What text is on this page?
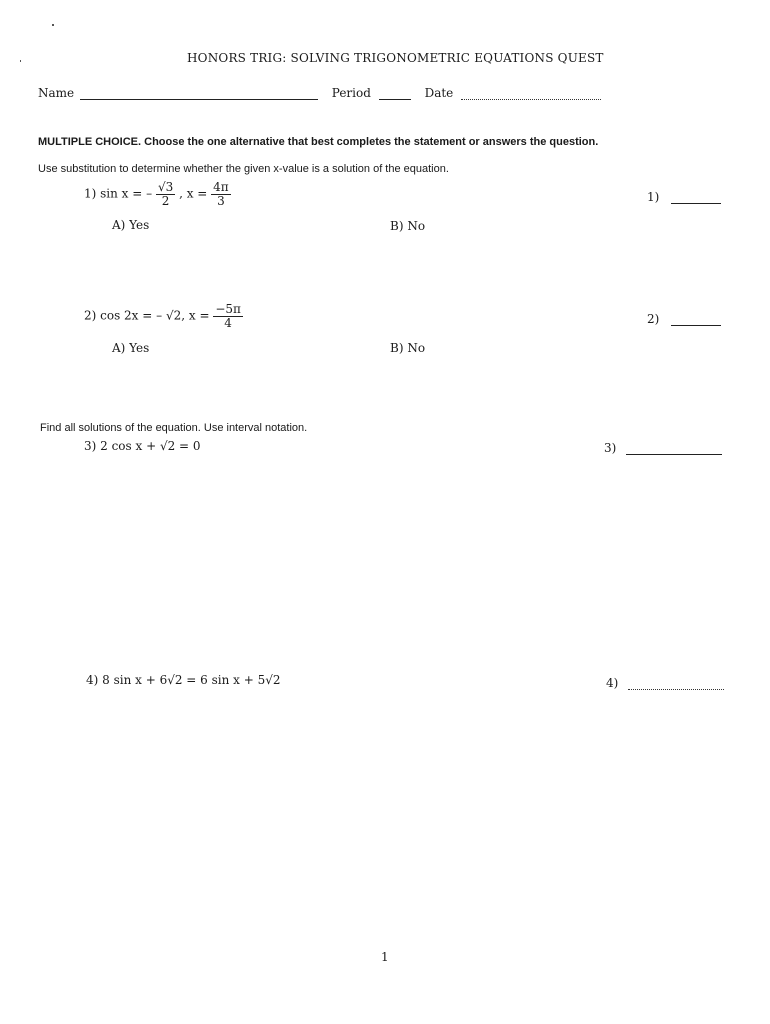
HONORS TRIG: SOLVING TRIGONOMETRIC EQUATIONS QUEST
Name	Period	Date
MULTIPLE CHOICE. Choose the one alternative that best completes the statement or answers the question.
Use substitution to determine whether the given x-value is a solution of the equation.
1) sin x = – $\frac{√3}{2}$ , $x = \frac{4\pi}{3}$	1)
A) Yes	B) No
2) cos 2x = – √2, $x = \frac{-5\pi}{4}$	2)
A) Yes	B) No
Find all solutions of the equation. Use interval notation.
3) 2 cos x + √2 = 0	3)
4) 8 sin x + 6√2 = 6 sin x + 5√2	4)
1
